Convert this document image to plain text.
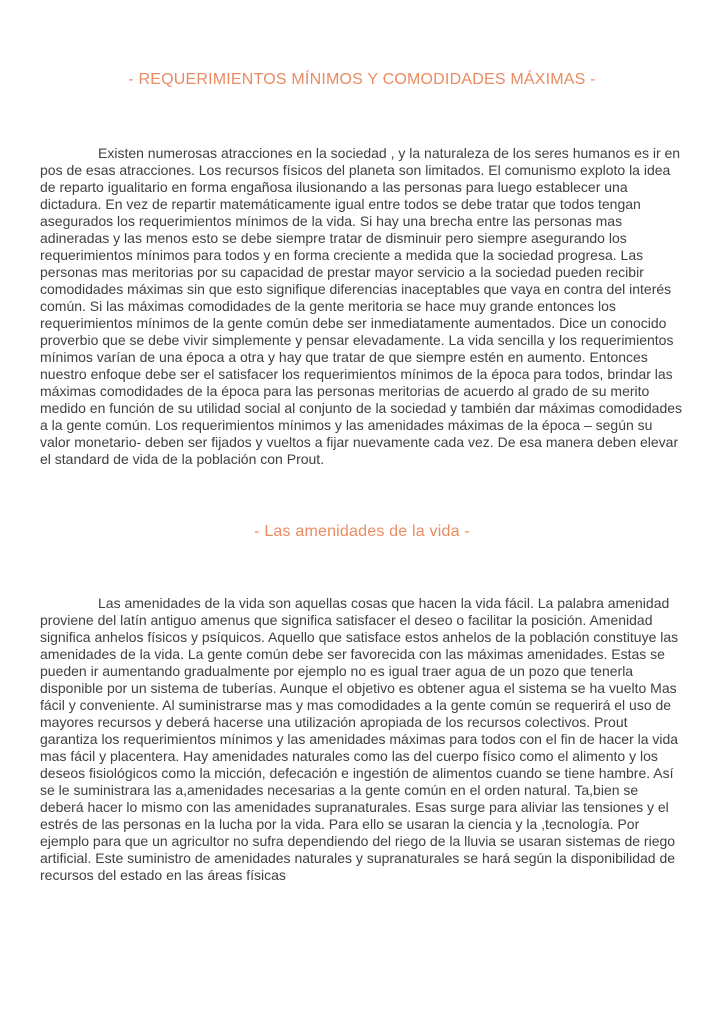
- REQUERIMIENTOS MÍNIMOS Y COMODIDADES MÁXIMAS -

Existen numerosas atracciones en la sociedad , y la naturaleza de los seres humanos es ir en pos de esas atracciones. Los recursos físicos del planeta son limitados. El comunismo exploto la idea de reparto igualitario en forma engañosa ilusionando a las personas para luego establecer una dictadura. En vez de repartir matemáticamente igual entre todos se debe tratar que todos tengan asegurados los requerimientos mínimos de la vida. Si hay una brecha entre las personas mas adineradas y las menos esto se debe siempre tratar de disminuir pero siempre asegurando los requerimientos mínimos para todos y en forma creciente a medida que la sociedad progresa. Las personas mas meritorias por su capacidad de prestar mayor servicio a la sociedad pueden recibir comodidades máximas sin que esto signifique diferencias inaceptables que vaya en contra del interés común. Si las máximas comodidades de la gente meritoria se hace muy grande entonces los requerimientos mínimos de la gente común debe ser inmediatamente aumentados. Dice un conocido proverbio que se debe vivir simplemente y pensar elevadamente. La vida sencilla y los requerimientos mínimos varían de una época a otra y hay que tratar de que siempre estén en aumento. Entonces nuestro enfoque debe ser el satisfacer los requerimientos mínimos de la época para todos, brindar las máximas comodidades de la época para las personas meritorias de acuerdo al grado de su merito medido en función de su utilidad social al conjunto de la sociedad y también dar máximas comodidades a la gente común. Los requerimientos mínimos y las amenidades máximas de la época – según su valor monetario- deben ser fijados y vueltos a fijar nuevamente cada vez. De esa manera deben elevar el standard de vida de la población con Prout.

- Las amenidades de la vida -

Las amenidades de la vida son aquellas cosas que hacen la vida fácil. La palabra amenidad proviene del latín antiguo amenus que significa satisfacer el deseo o facilitar la posición. Amenidad significa anhelos físicos y psíquicos. Aquello que satisface estos anhelos de la población constituye las amenidades de la vida. La gente común debe ser favorecida con las máximas amenidades. Estas se pueden ir aumentando gradualmente por ejemplo no es igual traer agua de un pozo que tenerla disponible por un sistema de tuberías. Aunque el objetivo es obtener agua el sistema se ha vuelto Mas fácil y conveniente. Al suministrarse mas y mas comodidades a la gente común se requerirá el uso de mayores recursos y deberá hacerse una utilización apropiada de los recursos colectivos. Prout garantiza los requerimientos mínimos y las amenidades máximas para todos con el fin de hacer la vida mas fácil y placentera. Hay amenidades naturales como las del cuerpo físico como el alimento y los deseos fisiológicos como la micción, defecación e ingestión de alimentos cuando se tiene hambre. Así se le suministrara las a,amenidades necesarias a la gente común en el orden natural. Ta,bien se deberá hacer lo mismo con las amenidades supranaturales. Esas surge para aliviar las tensiones y el estrés de las personas en la lucha por la vida. Para ello se usaran la ciencia y la ,tecnología. Por ejemplo para que un agricultor no sufra dependiendo del riego de la lluvia se usaran sistemas de riego artificial. Este suministro de amenidades naturales y supranaturales se hará según la disponibilidad de recursos del estado en las áreas físicas
